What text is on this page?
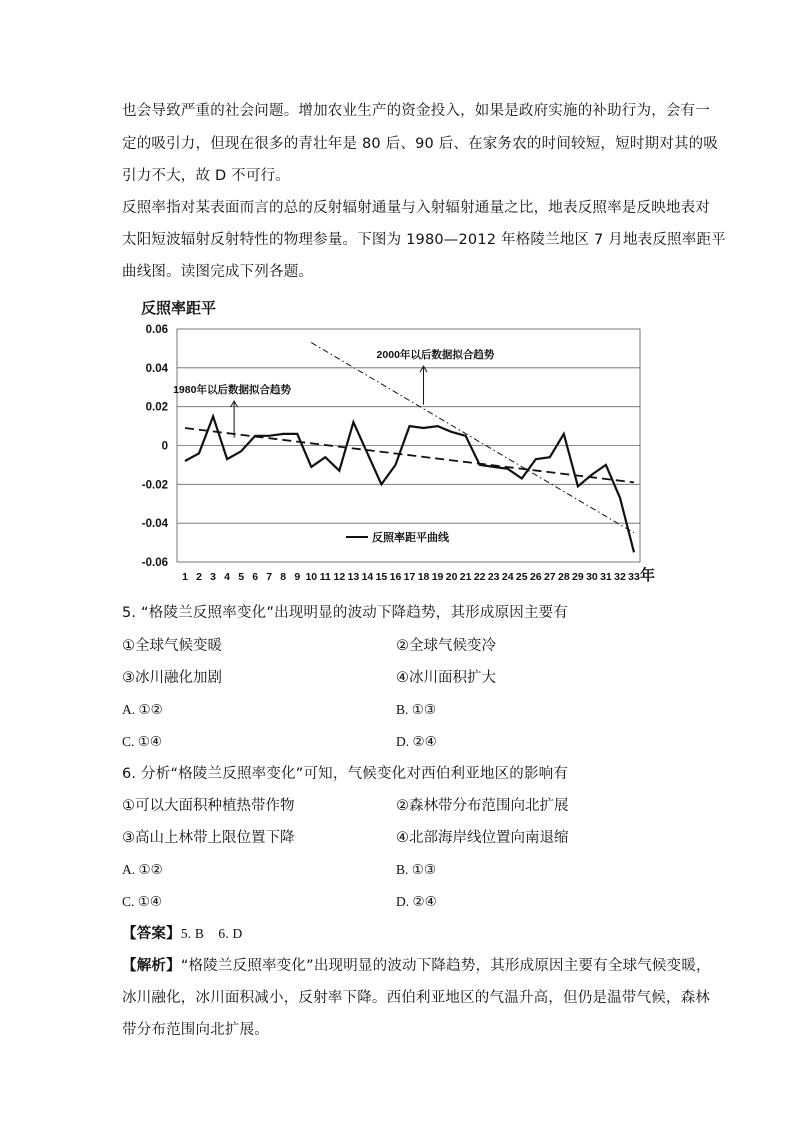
也会导致严重的社会问题。增加农业生产的资金投入，如果是政府实施的补助行为，会有一
定的吸引力，但现在很多的青壮年是 80 后、90 后、在家务农的时间较短，短时期对其的吸
引力不大，故 D 不可行。
反照率指对某表面而言的总的反射辐射通量与入射辐射通量之比，地表反照率是反映地表对
太阳短波辐射反射特性的物理参量。下图为 1980—2012 年格陵兰地区 7 月地表反照率距平
曲线图。读图完成下列各题。
反照率距平
0.06
0.04
0.02
0
-0.02
-0.04
-0.06
1 2 3 4 5 6 7 8 9 10 11 12 13 14 15 16 17 18 19 20 21 22 23 24 25 26 27 28 29 30 31 32 33
2000年以后数据拟合趋势
1980年以后数据拟合趋势
反照率距平曲线
年
5. “格陵兰反照率变化”出现明显的波动下降趋势，其形成原因主要有
①全球气候变暖	②全球气候变冷
③冰川融化加剧	④冰川面积扩大
A. ①②	B. ①③
C. ①④	D. ②④
6. 分析“格陵兰反照率变化”可知，气候变化对西伯利亚地区的影响有
①可以大面积种植热带作物	②森林带分布范围向北扩展
③高山上林带上限位置下降	④北部海岸线位置向南退缩
A. ①②	B. ①③
C. ①④	D. ②④
【答案】5. B    6. D
【解析】“格陵兰反照率变化”出现明显的波动下降趋势，其形成原因主要有全球气候变暖，
冰川融化，冰川面积减小，反射率下降。西伯利亚地区的气温升高，但仍是温带气候，森林
带分布范围向北扩展。
